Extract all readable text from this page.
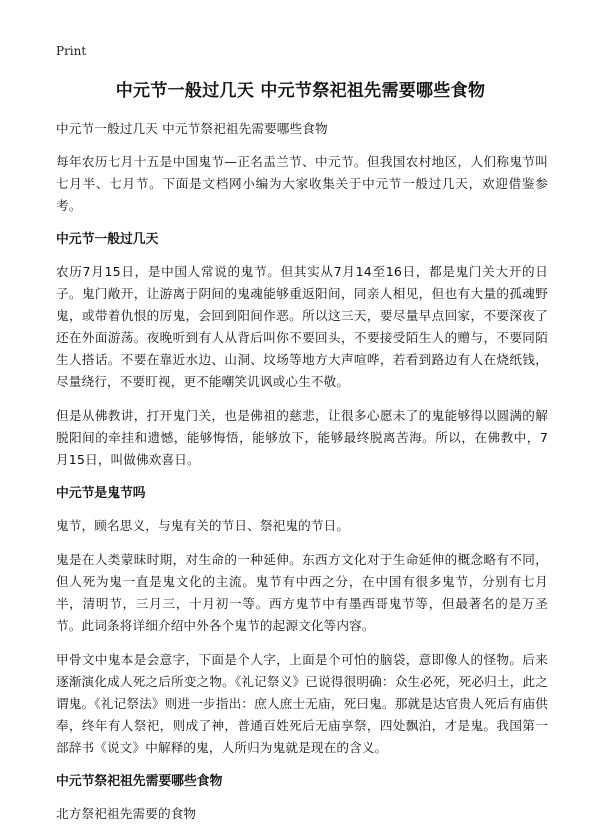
Print
中元节一般过几天 中元节祭祀祖先需要哪些食物

中元节一般过几天 中元节祭祀祖先需要哪些食物

每年农历七月十五是中国鬼节—正名盂兰节、中元节。但我国农村地区，人们称鬼节叫七月半、七月节。下面是文档网小编为大家收集关于中元节一般过几天，欢迎借鉴参考。

中元节一般过几天

农历7月15日，是中国人常说的鬼节。但其实从7月14至16日，都是鬼门关大开的日子。鬼门敞开，让游离于阴间的鬼魂能够重返阳间，同亲人相见，但也有大量的孤魂野鬼，或带着仇恨的厉鬼，会回到阳间作恶。所以这三天，要尽量早点回家，不要深夜了还在外面游荡。夜晚听到有人从背后叫你不要回头，不要接受陌生人的赠与，不要同陌生人搭话。不要在靠近水边、山洞、坟场等地方大声喧哗，若看到路边有人在烧纸钱，尽量绕行，不要盯视，更不能嘲笑讥讽或心生不敬。

但是从佛教讲，打开鬼门关，也是佛祖的慈悲，让很多心愿未了的鬼能够得以圆满的解脱阳间的牵挂和遗憾，能够悔悟，能够放下，能够最终脱离苦海。所以，在佛教中，7月15日，叫做佛欢喜日。

中元节是鬼节吗

鬼节，顾名思义，与鬼有关的节日、祭祀鬼的节日。

鬼是在人类蒙昧时期，对生命的一种延伸。东西方文化对于生命延伸的概念略有不同，但人死为鬼一直是鬼文化的主流。鬼节有中西之分，在中国有很多鬼节，分别有七月半，清明节，三月三，十月初一等。西方鬼节中有墨西哥鬼节等，但最著名的是万圣节。此词条将详细介绍中外各个鬼节的起源文化等内容。

甲骨文中鬼本是会意字，下面是个人字，上面是个可怕的脑袋，意即像人的怪物。后来逐渐演化成人死之后所变之物。《礼记祭义》已说得很明确：众生必死，死必归土，此之谓鬼。《礼记祭法》则进一步指出：庶人庶士无庙，死曰鬼。那就是达官贵人死后有庙供奉，终年有人祭祀，则成了神，普通百姓死后无庙享祭，四处飘泊，才是鬼。我国第一部辞书《说文》中解释的鬼，人所归为鬼就是现在的含义。

中元节祭祀祖先需要哪些食物

北方祭祀祖先需要的食物
